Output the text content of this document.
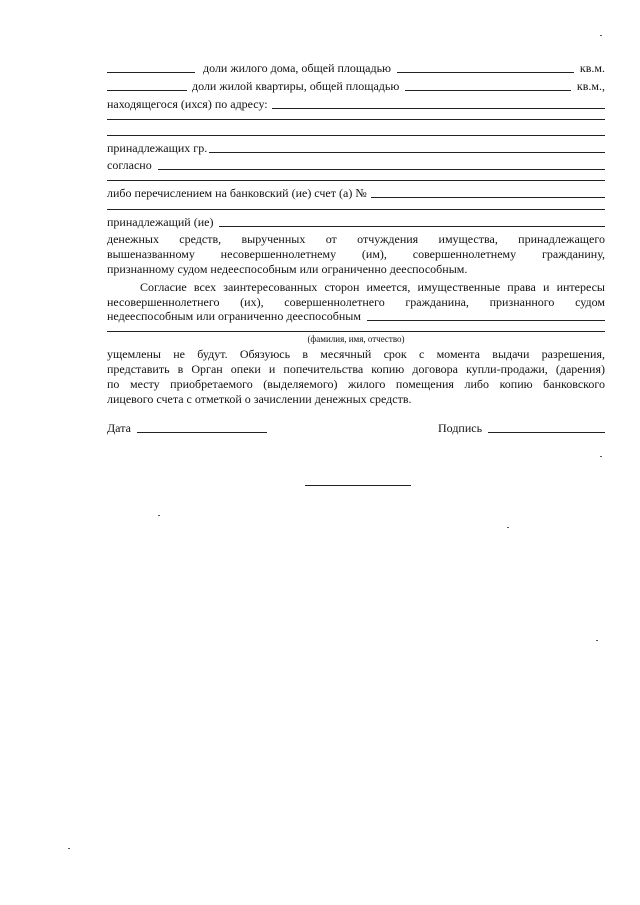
доли жилого дома, общей площадью	кв.м.
доли жилой квартиры, общей площадью	кв.м.,
находящегося (ихся) по адресу:
принадлежащих гр.
согласно
либо перечислением на банковский (ие) счет (а) №
принадлежащий (ие)
денежных средств, вырученных от отчуждения имущества, принадлежащего
вышеназванному несовершеннолетнему (им), совершеннолетнему гражданину,
признанному судом недееспособным или ограниченно дееспособным.
Согласие всех заинтересованных сторон имеется, имущественные права и интересы
несовершеннолетнего (их), совершеннолетнего гражданина, признанного судом
недееспособным или ограниченно дееспособным
(фамилия, имя, отчество)
ущемлены не будут. Обязуюсь в месячный срок с момента выдачи разрешения,
представить в Орган опеки и попечительства копию договора купли-продажи, (дарения)
по месту приобретаемого (выделяемого) жилого помещения либо копию банковского
лицевого счета с отметкой о зачислении денежных средств.
Дата	Подпись
